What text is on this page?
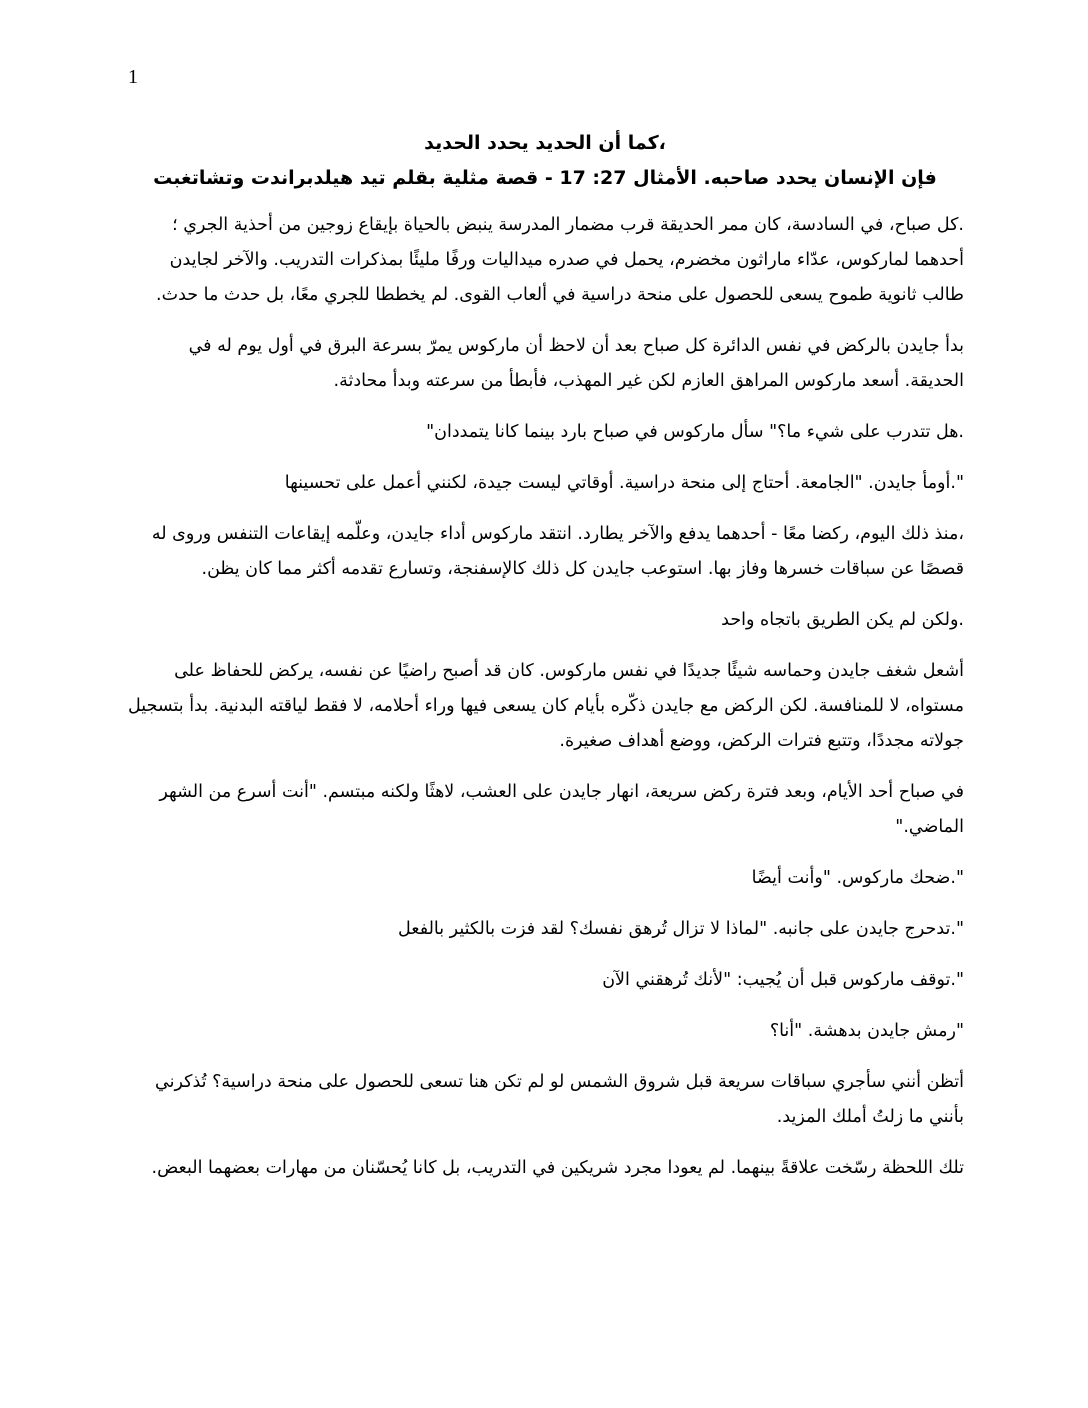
1
،كما أن الحديد يحدد الحديد
فإن الإنسان يحدد صاحبه. الأمثال 27: 17 - قصة مثلية بقلم تيد هيلدبراندت وتشاتغبت

.كل صباح، في السادسة، كان ممر الحديقة قرب مضمار المدرسة ينبض بالحياة بإيقاع زوجين من أحذية الجري ؛أحدهما لماركوس، عدّاء ماراثون مخضرم، يحمل في صدره ميداليات ورفًا مليئًا بمذكرات التدريب. والآخر لجايدن طالب ثانوية طموح يسعى للحصول على منحة دراسية في ألعاب القوى. لم يخططا للجري معًا، بل حدث ما حدث.

بدأ جايدن بالركض في نفس الدائرة كل صباح بعد أن لاحظ أن ماركوس يمرّ بسرعة البرق في أول يوم له في الحديقة. أسعد ماركوس المراهق العازم لكن غير المهذب، فأبطأ من سرعته وبدأ محادثة.

.هل تتدرب على شيء ما؟" سأل ماركوس في صباح بارد بينما كانا يتمددان"

".أومأ جايدن. "الجامعة. أحتاج إلى منحة دراسية. أوقاتي ليست جيدة، لكنني أعمل على تحسينها

،منذ ذلك اليوم، ركضا معًا - أحدهما يدفع والآخر يطارد. انتقد ماركوس أداء جايدن، وعلّمه إيقاعات التنفس وروى له قصصًا عن سباقات خسرها وفاز بها. استوعب جايدن كل ذلك كالإسفنجة، وتسارع تقدمه أكثر مما كان يظن.

.ولكن لم يكن الطريق باتجاه واحد

أشعل شغف جايدن وحماسه شيئًا جديدًا في نفس ماركوس. كان قد أصبح راضيًا عن نفسه، يركض للحفاظ على مستواه، لا للمنافسة. لكن الركض مع جايدن ذكّره بأيام كان يسعى فيها وراء أحلامه، لا فقط لياقته البدنية. بدأ بتسجيل جولاته مجددًا، وتتبع فترات الركض، ووضع أهداف صغيرة.

في صباح أحد الأيام، وبعد فترة ركض سريعة، انهار جايدن على العشب، لاهثًا ولكنه مبتسم. "أنت أسرع من الشهر الماضي."

".ضحك ماركوس. "وأنت أيضًا

".تدحرج جايدن على جانبه. "لماذا لا تزال تُرهق نفسك؟ لقد فزت بالكثير بالفعل

".توقف ماركوس قبل أن يُجيب: "لأنك تُرهقني الآن

"رمش جايدن بدهشة. "أنا؟

أتظن أنني سأجري سباقات سريعة قبل شروق الشمس لو لم تكن هنا تسعى للحصول على منحة دراسية؟ تُذكرني بأنني ما زلتُ أملك المزيد.

تلك اللحظة رسّخت علاقةً بينهما. لم يعودا مجرد شريكين في التدريب، بل كانا يُحسّنان من مهارات بعضهما البعض.
